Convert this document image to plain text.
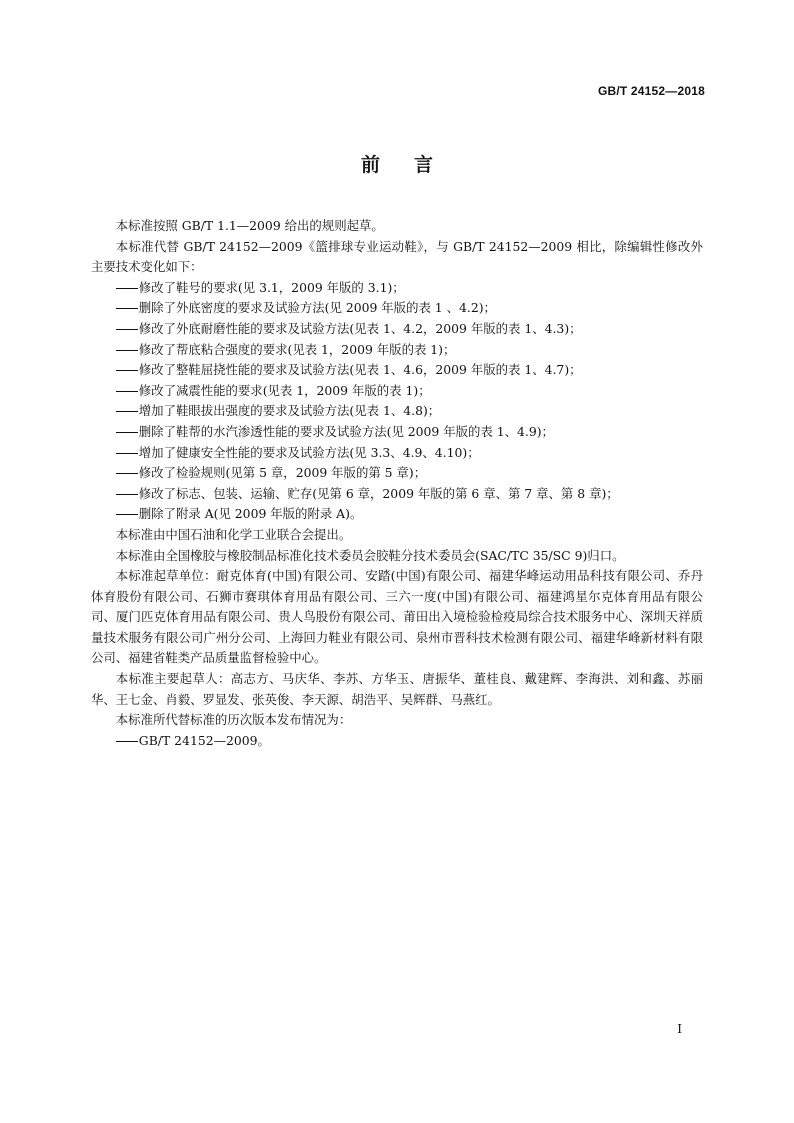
GB/T 24152—2018
前言

本标准按照 GB/T 1.1—2009 给出的规则起草。

本标准代替 GB/T 24152—2009《篮排球专业运动鞋》，与 GB/T 24152—2009 相比，除编辑性修改外主要技术变化如下：

修改了鞋号的要求(见 3.1，2009 年版的 3.1)；

删除了外底密度的要求及试验方法(见 2009 年版的表 1 、4.2)；

修改了外底耐磨性能的要求及试验方法(见表 1、4.2，2009 年版的表 1、4.3)；

修改了帮底粘合强度的要求(见表 1，2009 年版的表 1)；

修改了整鞋屈挠性能的要求及试验方法(见表 1、4.6，2009 年版的表 1、4.7)；

修改了减震性能的要求(见表 1，2009 年版的表 1)；

增加了鞋眼拔出强度的要求及试验方法(见表 1、4.8)；

删除了鞋帮的水汽渗透性能的要求及试验方法(见 2009 年版的表 1、4.9)；

增加了健康安全性能的要求及试验方法(见 3.3、4.9、4.10)；

修改了检验规则(见第 5 章，2009 年版的第 5 章)；

修改了标志、包装、运输、贮存(见第 6 章，2009 年版的第 6 章、第 7 章、第 8 章)；

删除了附录 A(见 2009 年版的附录 A)。

本标准由中国石油和化学工业联合会提出。

本标准由全国橡胶与橡胶制品标准化技术委员会胶鞋分技术委员会(SAC/TC 35/SC 9)归口。

本标准起草单位：耐克体育(中国)有限公司、安踏(中国)有限公司、福建华峰运动用品科技有限公司、乔丹体育股份有限公司、石狮市赛琪体育用品有限公司、三六一度(中国)有限公司、福建鸿星尔克体育用品有限公司、厦门匹克体育用品有限公司、贵人鸟股份有限公司、莆田出入境检验检疫局综合技术服务中心、深圳天祥质量技术服务有限公司广州分公司、上海回力鞋业有限公司、泉州市晋科技术检测有限公司、福建华峰新材料有限公司、福建省鞋类产品质量监督检验中心。

本标准主要起草人：高志方、马庆华、李苏、方华玉、唐振华、董桂良、戴建辉、李海洪、刘和鑫、苏丽华、王七金、肖毅、罗显发、张英俊、李天源、胡浩平、吴辉群、马燕红。

本标准所代替标准的历次版本发布情况为：

GB/T 24152—2009。

I
